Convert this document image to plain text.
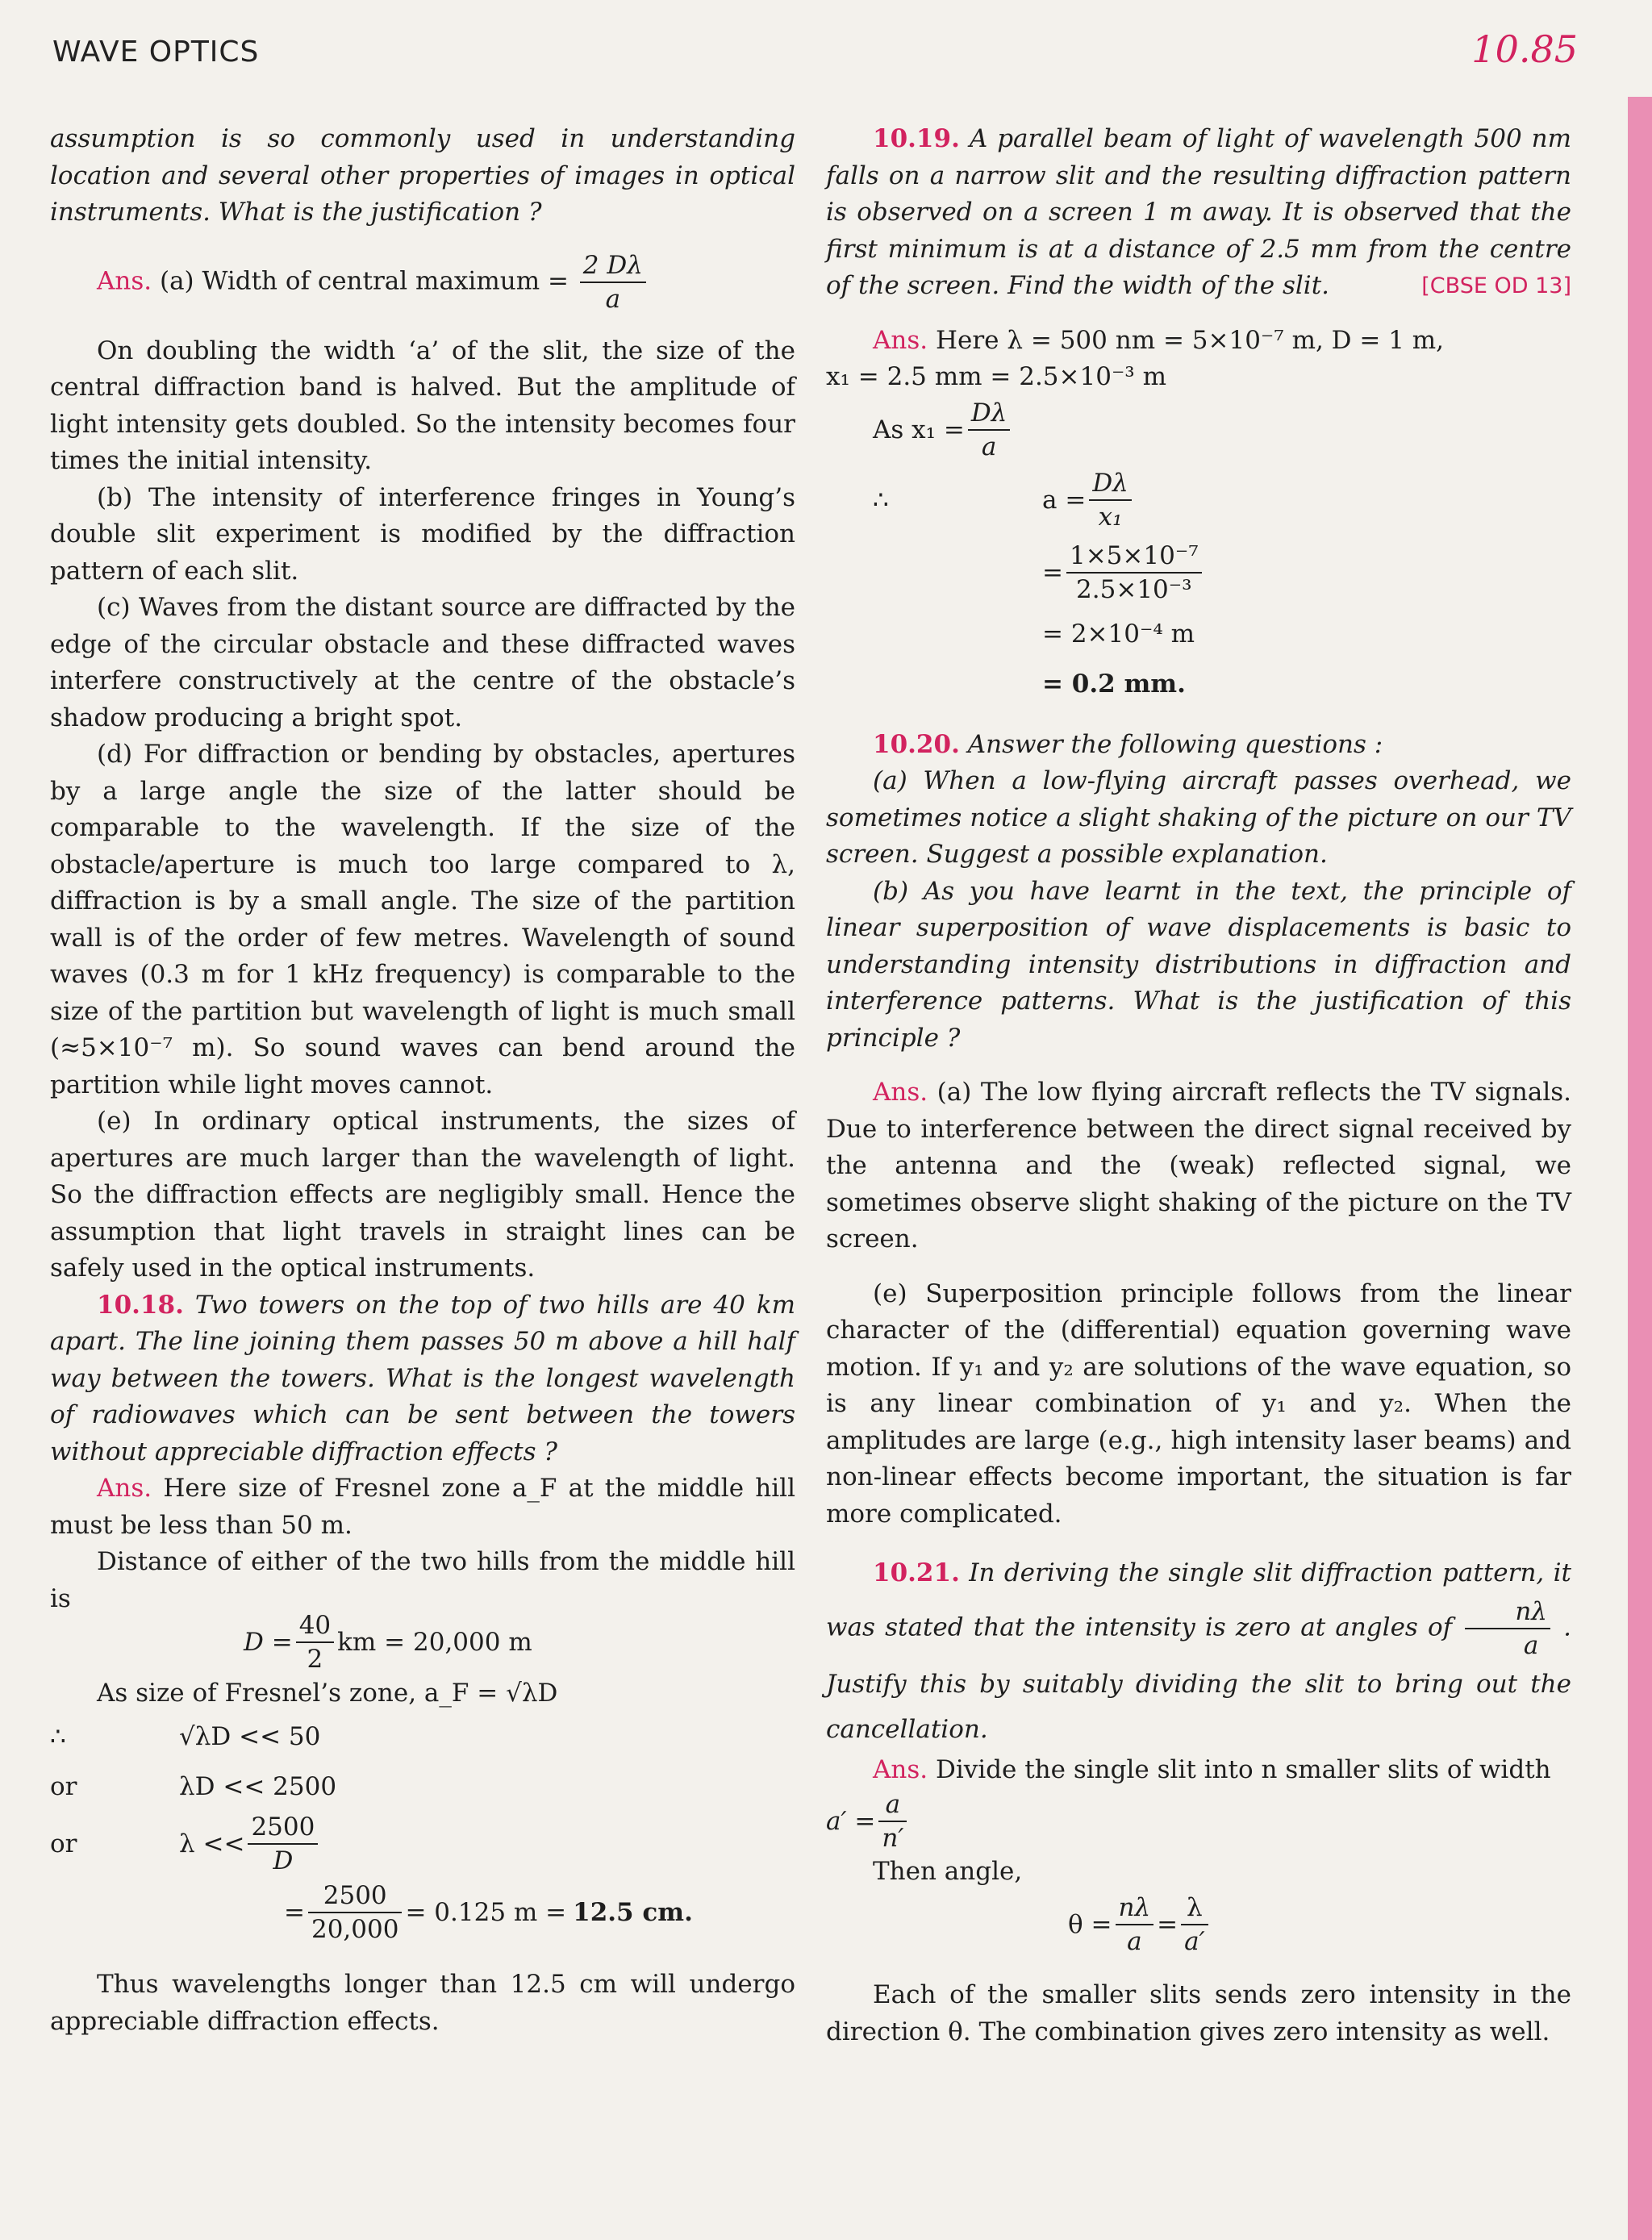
WAVE OPTICS	10.85

assumption is so commonly used in understanding location and several other properties of images in optical instruments. What is the justification ?

Ans. (a) Width of central maximum = $\frac{2 D\lambda}{a}$

On doubling the width ‘a’ of the slit, the size of the central diffraction band is halved. But the amplitude of light intensity gets doubled. So the intensity becomes four times the initial intensity.

(b) The intensity of interference fringes in Young’s double slit experiment is modified by the diffraction pattern of each slit.

(c) Waves from the distant source are diffracted by the edge of the circular obstacle and these diffracted waves interfere constructively at the centre of the obstacle’s shadow producing a bright spot.

(d) For diffraction or bending by obstacles, apertures by a large angle the size of the latter should be comparable to the wavelength. If the size of the obstacle/aperture is much too large compared to λ, diffraction is by a small angle. The size of the partition wall is of the order of few metres. Wavelength of sound waves (0.3 m for 1 kHz frequency) is comparable to the size of the partition but wavelength of light is much small (≈5×10⁻⁷ m). So sound waves can bend around the partition while light moves cannot.

(e) In ordinary optical instruments, the sizes of apertures are much larger than the wavelength of light. So the diffraction effects are negligibly small. Hence the assumption that light travels in straight lines can be safely used in the optical instruments.

10.18. Two towers on the top of two hills are 40 km apart. The line joining them passes 50 m above a hill half way between the towers. What is the longest wavelength of radiowaves which can be sent between the towers without appreciable diffraction effects ?

Ans. Here size of Fresnel zone a_F at the middle hill must be less than 50 m.

Distance of either of the two hills from the middle hill is

$D = \frac{40}{2}$ km = 20,000 m
As size of Fresnel’s zone, a_F = √λD
∴	√λD << 50
or	λD << 2500
or	$\lambda << \frac{2500}{D}$
= $\frac{2500}{20,000} = 0.125$ m = 12.5 cm.

Thus wavelengths longer than 12.5 cm will undergo appreciable diffraction effects.

10.19. A parallel beam of light of wavelength 500 nm falls on a narrow slit and the resulting diffraction pattern is observed on a screen 1 m away. It is observed that the first minimum is at a distance of 2.5 mm from the centre of the screen. Find the width of the slit.	[CBSE OD 13]

Ans. Here λ = 500 nm = 5×10⁻⁷ m, D = 1 m,

x₁ = 2.5 mm = 2.5×10⁻³ m

As $x_1 = \frac{D\lambda}{a}$
∴	$a = \frac{D\lambda}{\text{x₁}}$
= $\frac{\text{1×5×10⁻⁷}}{\text{2.5×10⁻³}}$
= 2×10⁻⁴ m
= 0.2 mm.

10.20. Answer the following questions :

(a) When a low-flying aircraft passes overhead, we sometimes notice a slight shaking of the picture on our TV screen. Suggest a possible explanation.

(b) As you have learnt in the text, the principle of linear superposition of wave displacements is basic to understanding intensity distributions in diffraction and interference patterns. What is the justification of this principle ?

Ans. (a) The low flying aircraft reflects the TV signals. Due to interference between the direct signal received by the antenna and the (weak) reflected signal, we sometimes observe slight shaking of the picture on the TV screen.

(e) Superposition principle follows from the linear character of the (differential) equation governing wave motion. If y₁ and y₂ are solutions of the wave equation, so is any linear combination of y₁ and y₂. When the amplitudes are large (e.g., high intensity laser beams) and non-linear effects become important, the situation is far more complicated.

10.21. In deriving the single slit diffraction pattern, it was stated that the intensity is zero at angles of $\frac{n\lambda}{a}$ . Justify this by suitably dividing the slit to bring out the cancellation.

Ans. Divide the single slit into n smaller slits of width

$a' = \frac{a}{n'}$

Then angle,

$\theta = \frac{n\lambda}{a} = \frac{\lambda}{a'}$

Each of the smaller slits sends zero intensity in the direction θ. The combination gives zero intensity as well.
